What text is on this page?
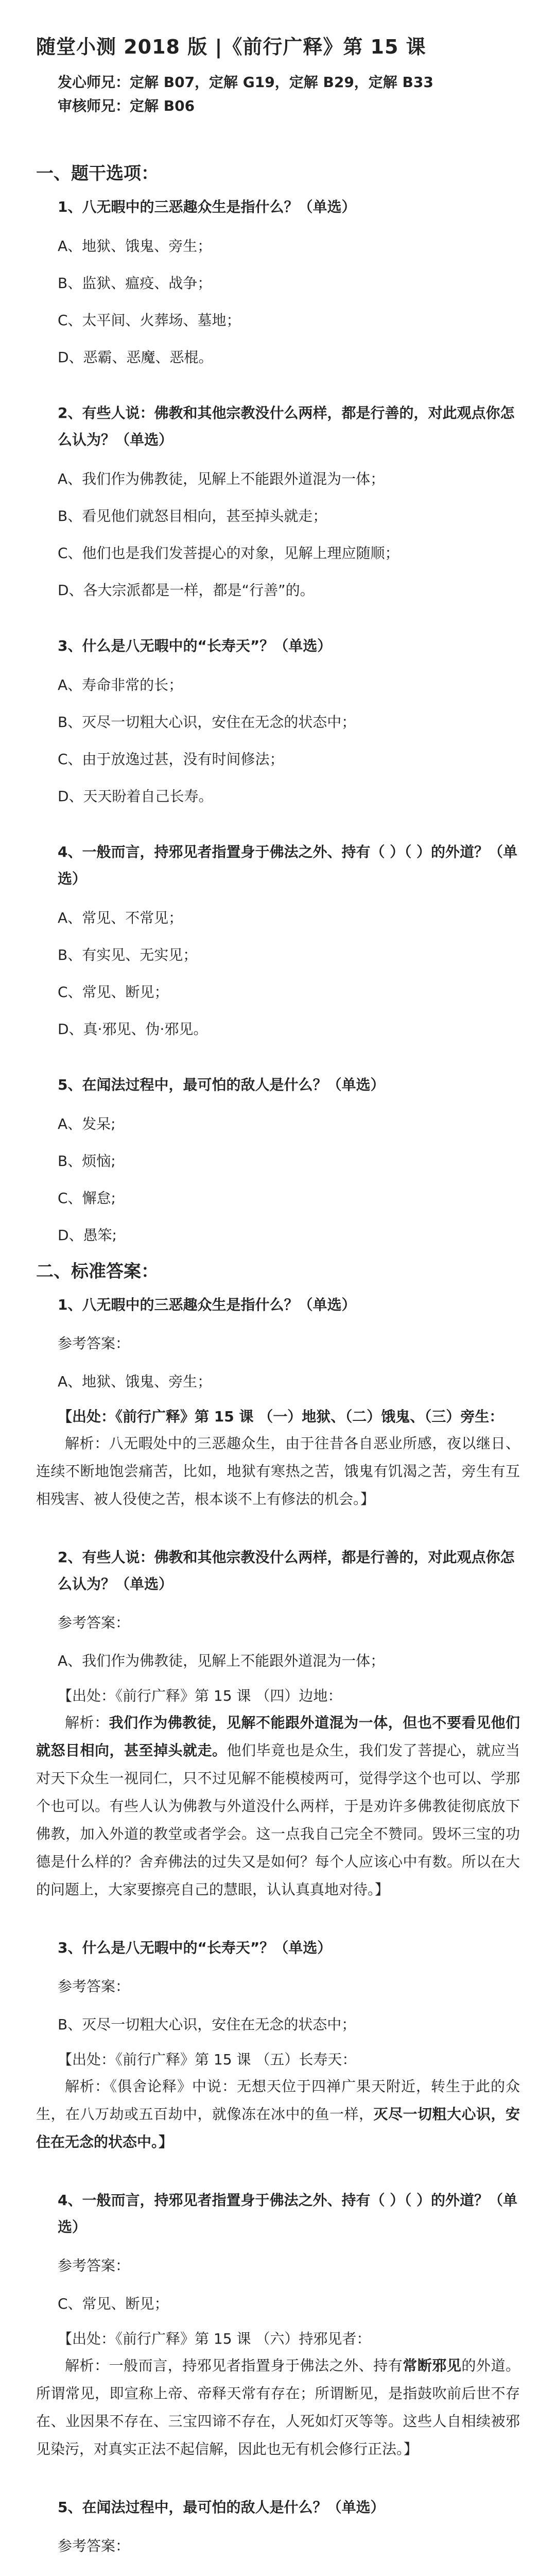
随堂小测 2018 版 |《前行广释》第 15 课
发心师兄：定解 B07，定解 G19，定解 B29，定解 B33
审核师兄：定解 B06
一、题干选项：
1、八无暇中的三恶趣众生是指什么？（单选）
A、地狱、饿鬼、旁生；
B、监狱、瘟疫、战争；
C、太平间、火葬场、墓地；
D、恶霸、恶魔、恶棍。
2、有些人说：佛教和其他宗教没什么两样，都是行善的，对此观点你怎么认为？（单选）
A、我们作为佛教徒，见解上不能跟外道混为一体；
B、看见他们就怒目相向，甚至掉头就走；
C、他们也是我们发菩提心的对象，见解上理应随顺；
D、各大宗派都是一样，都是“行善”的。
3、什么是八无暇中的“长寿天”？（单选）
A、寿命非常的长；
B、灭尽一切粗大心识，安住在无念的状态中；
C、由于放逸过甚，没有时间修法；
D、天天盼着自己长寿。
4、一般而言，持邪见者指置身于佛法之外、持有（ ）（ ）的外道？（单选）
A、常见、不常见；
B、有实见、无实见；
C、常见、断见；
D、真·邪见、伪·邪见。
5、在闻法过程中，最可怕的敌人是什么？（单选）
A、发呆;
B、烦恼;
C、懈怠;
D、愚笨;
二、标准答案：
1、八无暇中的三恶趣众生是指什么？（单选）
参考答案：
A、地狱、饿鬼、旁生；
【出处：《前行广释》第 15 课 （一）地狱、（二）饿鬼、（三）旁生：
解析：八无暇处中的三恶趣众生，由于往昔各自恶业所感，夜以继日、连续不断地饱尝痛苦，比如，地狱有寒热之苦，饿鬼有饥渴之苦，旁生有互相残害、被人役使之苦，根本谈不上有修法的机会。】
2、有些人说：佛教和其他宗教没什么两样，都是行善的，对此观点你怎么认为？（单选）
参考答案：
A、我们作为佛教徒，见解上不能跟外道混为一体；
【出处：《前行广释》第 15 课 （四）边地：
解析：我们作为佛教徒，见解不能跟外道混为一体，但也不要看见他们就怒目相向，甚至掉头就走。他们毕竟也是众生，我们发了菩提心，就应当对天下众生一视同仁，只不过见解不能模棱两可，觉得学这个也可以、学那个也可以。有些人认为佛教与外道没什么两样，于是劝许多佛教徒彻底放下佛教，加入外道的教堂或者学会。这一点我自己完全不赞同。毁坏三宝的功德是什么样的？舍弃佛法的过失又是如何？每个人应该心中有数。所以在大的问题上，大家要擦亮自己的慧眼，认认真真地对待。】
3、什么是八无暇中的“长寿天”？（单选）
参考答案：
B、灭尽一切粗大心识，安住在无念的状态中；
【出处：《前行广释》第 15 课 （五）长寿天：
解析：《俱舍论释》中说：无想天位于四禅广果天附近，转生于此的众生，在八万劫或五百劫中，就像冻在冰中的鱼一样，灭尽一切粗大心识，安住在无念的状态中。】
4、一般而言，持邪见者指置身于佛法之外、持有（ ）（ ）的外道？（单选）
参考答案：
C、常见、断见；
【出处：《前行广释》第 15 课 （六）持邪见者：
解析：一般而言，持邪见者指置身于佛法之外、持有常断邪见的外道。所谓常见，即宣称上帝、帝释天常有存在；所谓断见，是指鼓吹前后世不存在、业因果不存在、三宝四谛不存在，人死如灯灭等等。这些人自相续被邪见染污，对真实正法不起信解，因此也无有机会修行正法。】
5、在闻法过程中，最可怕的敌人是什么？（单选）
参考答案：
